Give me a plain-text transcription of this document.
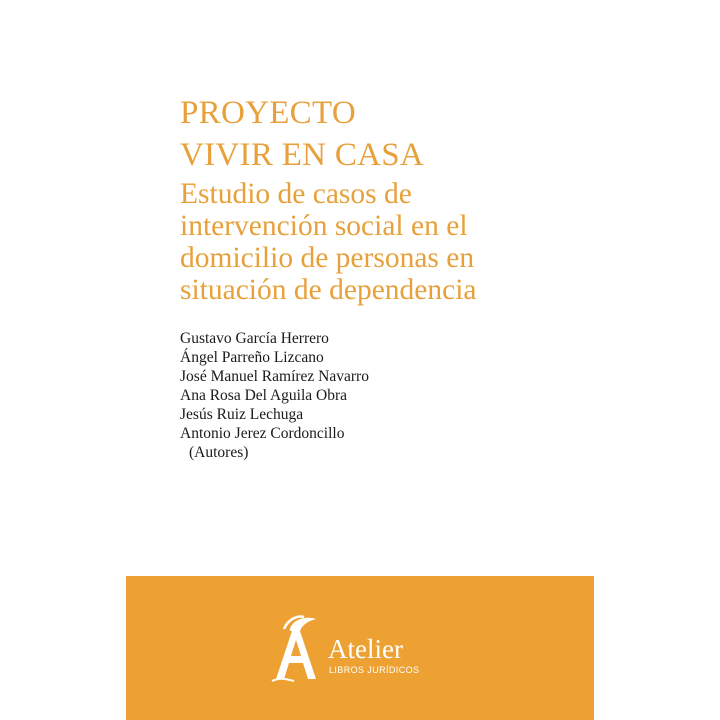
PROYECTO
VIVIR EN CASA
Estudio de casos de
intervención social en el
domicilio de personas en
situación de dependencia
Gustavo García Herrero
Ángel Parreño Lizcano
José Manuel Ramírez Navarro
Ana Rosa Del Aguila Obra
Jesús Ruiz Lechuga
Antonio Jerez Cordoncillo
(Autores)
Atelier
LIBROS JURÍDICOS
